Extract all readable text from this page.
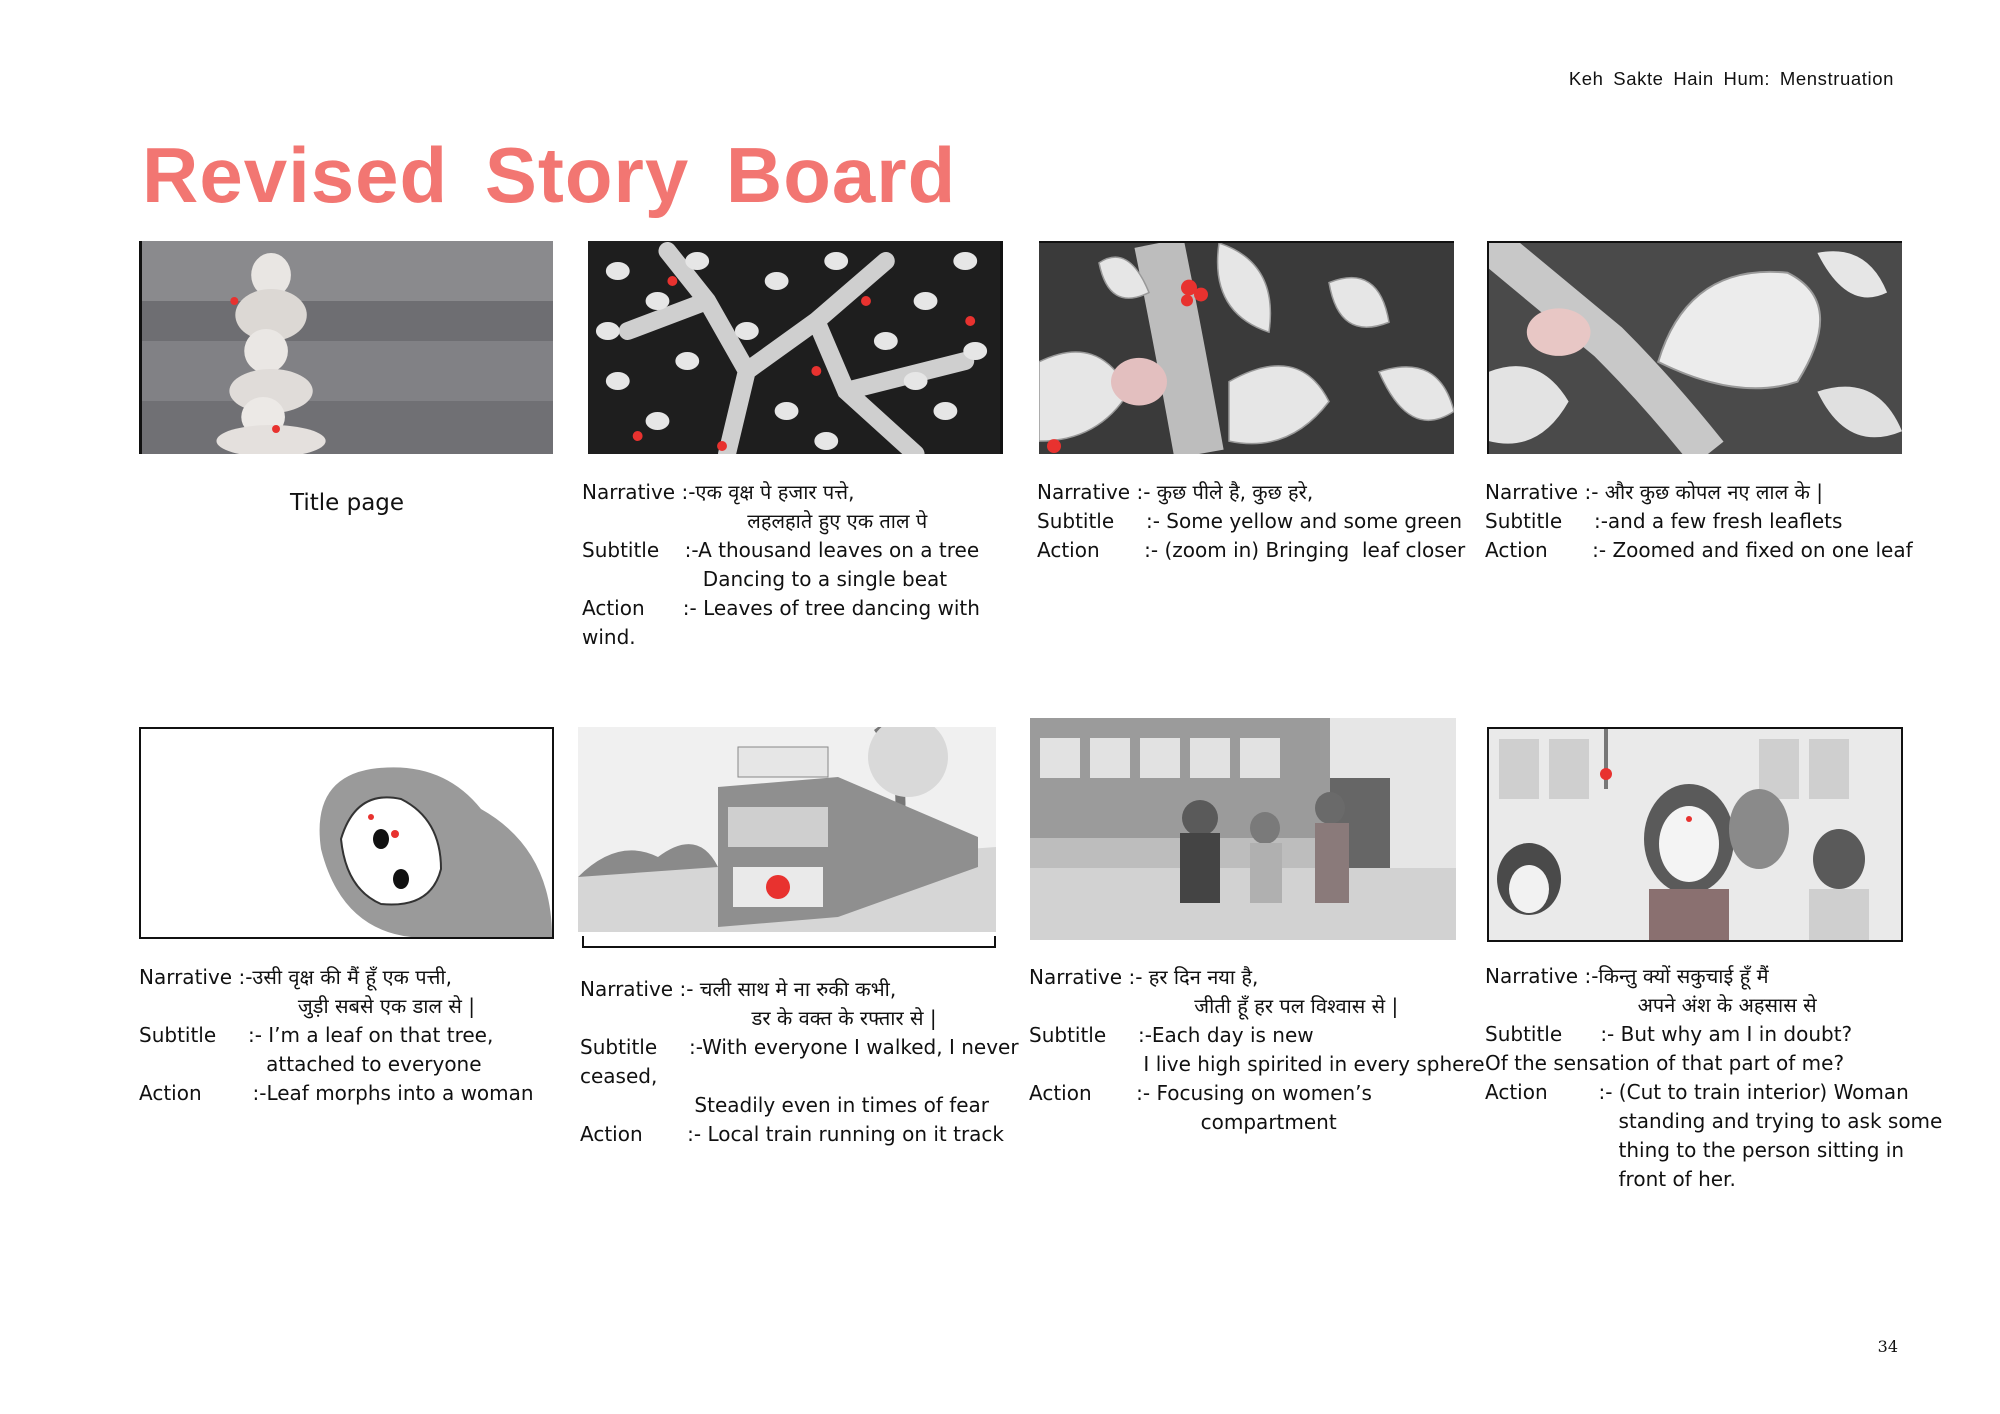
Keh Sakte Hain Hum: Menstruation
Revised Story Board
Title page	Narrative :-एक वृक्ष पे हजार पत्ते,
लहलहाते हुए एक ताल पे
Subtitle    :-A thousand leaves on a tree
Dancing to a single beat
Action      :- Leaves of tree dancing with
wind.
Narrative :- कुछ पीले है, कुछ हरे,
Subtitle     :- Some yellow and some green
Action       :- (zoom in) Bringing  leaf closer
Narrative :- और कुछ कोपल नए लाल के |
Subtitle     :-and a few fresh leaflets
Action       :- Zoomed and fixed on one leaf
Narrative :-उसी वृक्ष की मैं हूँ एक पत्ती,
जुड़ी सबसे एक डाल से |
Subtitle     :- I’m a leaf on that tree,
attached to everyone
Action        :-Leaf morphs into a woman
Narrative :- चली साथ मे ना रुकी कभी,
डर के वक्त के रफ्तार से |
Subtitle     :-With everyone I walked, I never
ceased,
Steadily even in times of fear
Action       :- Local train running on it track
Narrative :- हर दिन नया है,
जीती हूँ हर पल विश्वास से |
Subtitle     :-Each day is new
I live high spirited in every sphere
Action       :- Focusing on women’s
compartment
Narrative :-किन्तु क्यों सकुचाई हूँ मैं
अपने अंश के अहसास से
Subtitle      :- But why am I in doubt?
Of the sensation of that part of me?
Action        :- (Cut to train interior) Woman
standing and trying to ask some
thing to the person sitting in
front of her.
34
